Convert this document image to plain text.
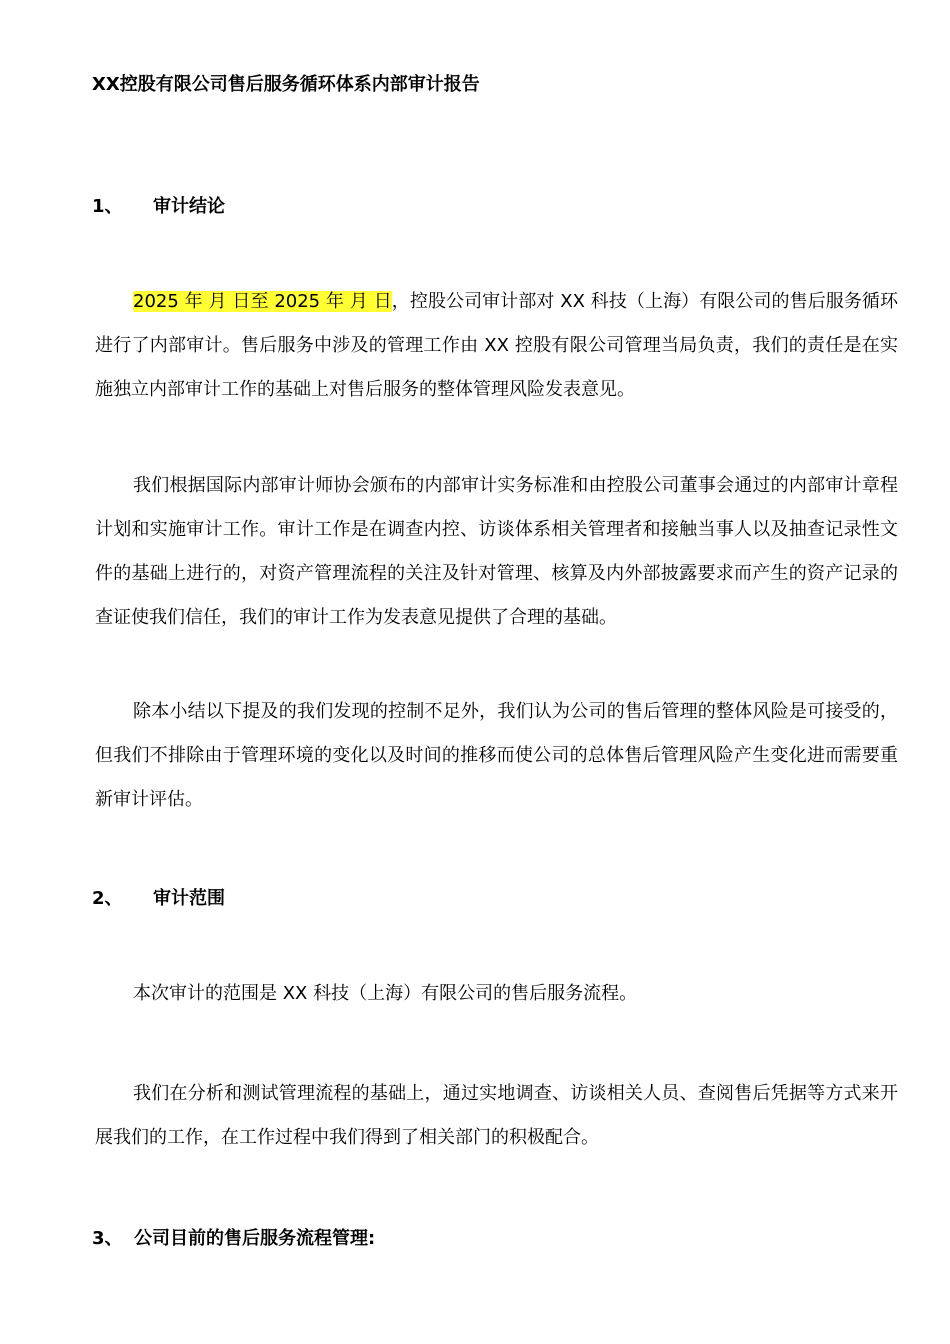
XX控股有限公司售后服务循环体系内部审计报告
1、 审计结论

2025 年 月 日至 2025 年 月 日，控股公司审计部对 XX 科技（上海）有限公司的售后服务循环进行了内部审计。售后服务中涉及的管理工作由 XX 控股有限公司管理当局负责，我们的责任是在实施独立内部审计工作的基础上对售后服务的整体管理风险发表意见。

我们根据国际内部审计师协会颁布的内部审计实务标准和由控股公司董事会通过的内部审计章程计划和实施审计工作。审计工作是在调查内控、访谈体系相关管理者和接触当事人以及抽查记录性文件的基础上进行的，对资产管理流程的关注及针对管理、核算及内外部披露要求而产生的资产记录的查证使我们信任，我们的审计工作为发表意见提供了合理的基础。

除本小结以下提及的我们发现的控制不足外，我们认为公司的售后管理的整体风险是可接受的，但我们不排除由于管理环境的变化以及时间的推移而使公司的总体售后管理风险产生变化进而需要重新审计评估。

2、 审计范围

本次审计的范围是 XX 科技（上海）有限公司的售后服务流程。

我们在分析和测试管理流程的基础上，通过实地调查、访谈相关人员、查阅售后凭据等方式来开展我们的工作，在工作过程中我们得到了相关部门的积极配合。

3、 公司目前的售后服务流程管理:
